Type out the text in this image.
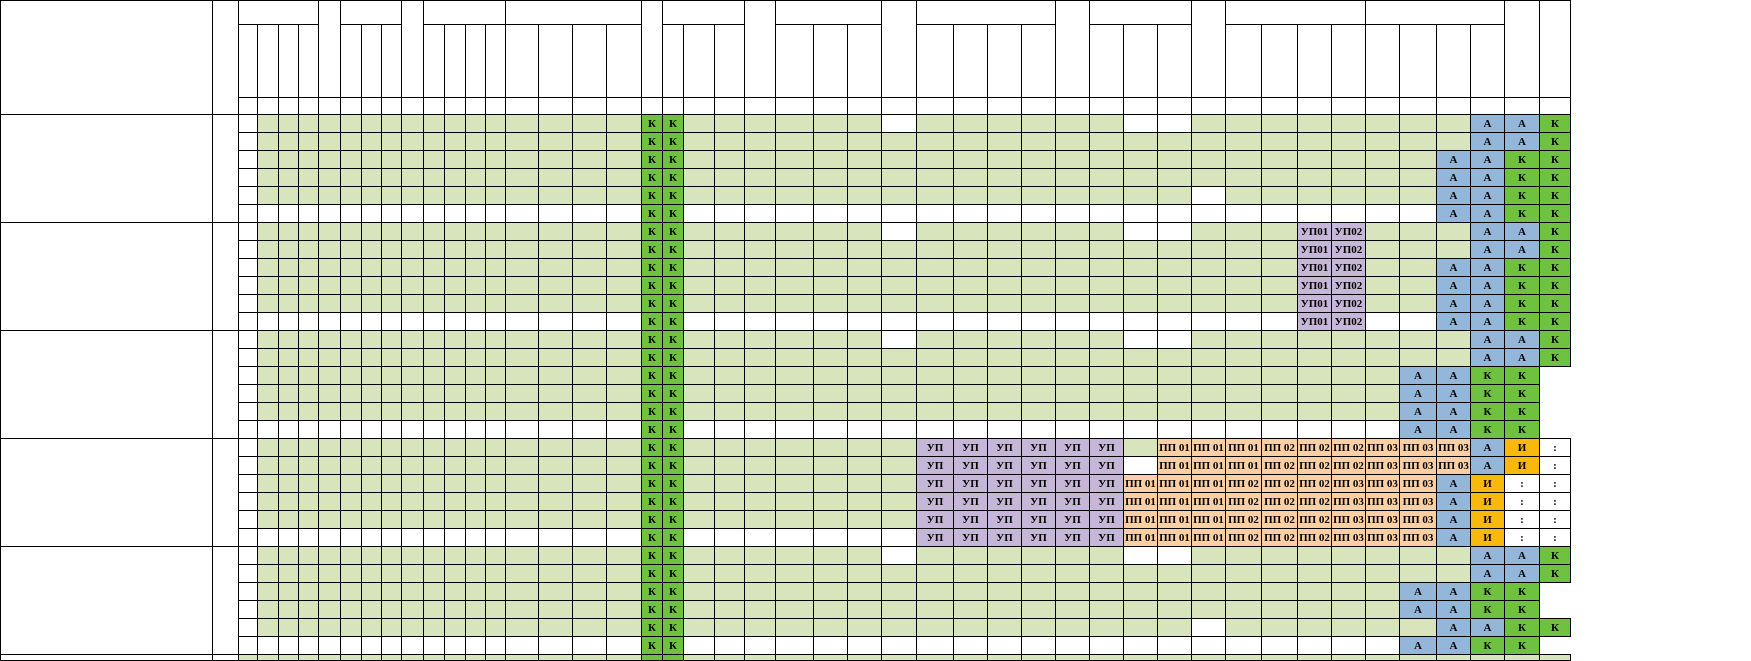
																			К	К																								А	А	К
																			К	К																								А	А	К
																			К	К																							А	А	К	К
																			К	К																							А	А	К	К
																			К	К																							А	А	К	К
																			К	К																							А	А	К	К
																			К	К																			УП01	УП02				А	А	К
																			К	К																			УП01	УП02				А	А	К
																			К	К																			УП01	УП02			А	А	К	К
																			К	К																			УП01	УП02			А	А	К	К
																			К	К																			УП01	УП02			А	А	К	К
																			К	К																			УП01	УП02			А	А	К	К
																			К	К																								А	А	К
																			К	К																								А	А	К
																			К	К																						А	А	К	К	
																			К	К																						А	А	К	К	
																			К	К																						А	А	К	К	
																			К	К																						А	А	К	К	
																			К	К								УП	УП	УП	УП	УП	УП		ПП 01	ПП 01	ПП 01	ПП 02	ПП 02	ПП 02	ПП 03	ПП 03	ПП 03	А	И	:
																			К	К								УП	УП	УП	УП	УП	УП		ПП 01	ПП 01	ПП 01	ПП 02	ПП 02	ПП 02	ПП 03	ПП 03	ПП 03	А	И	:
																			К	К								УП	УП	УП	УП	УП	УП	ПП 01	ПП 01	ПП 01	ПП 02	ПП 02	ПП 02	ПП 03	ПП 03	ПП 03	А	И	:	:
																			К	К								УП	УП	УП	УП	УП	УП	ПП 01	ПП 01	ПП 01	ПП 02	ПП 02	ПП 02	ПП 03	ПП 03	ПП 03	А	И	:	:
																			К	К								УП	УП	УП	УП	УП	УП	ПП 01	ПП 01	ПП 01	ПП 02	ПП 02	ПП 02	ПП 03	ПП 03	ПП 03	А	И	:	:
																			К	К								УП	УП	УП	УП	УП	УП	ПП 01	ПП 01	ПП 01	ПП 02	ПП 02	ПП 02	ПП 03	ПП 03	ПП 03	А	И	:	:
																			К	К																								А	А	К
																			К	К																								А	А	К
																			К	К																						А	А	К	К	
																			К	К																						А	А	К	К	
																			К	К																							А	А	К	К
																			К	К																						А	А	К	К	
